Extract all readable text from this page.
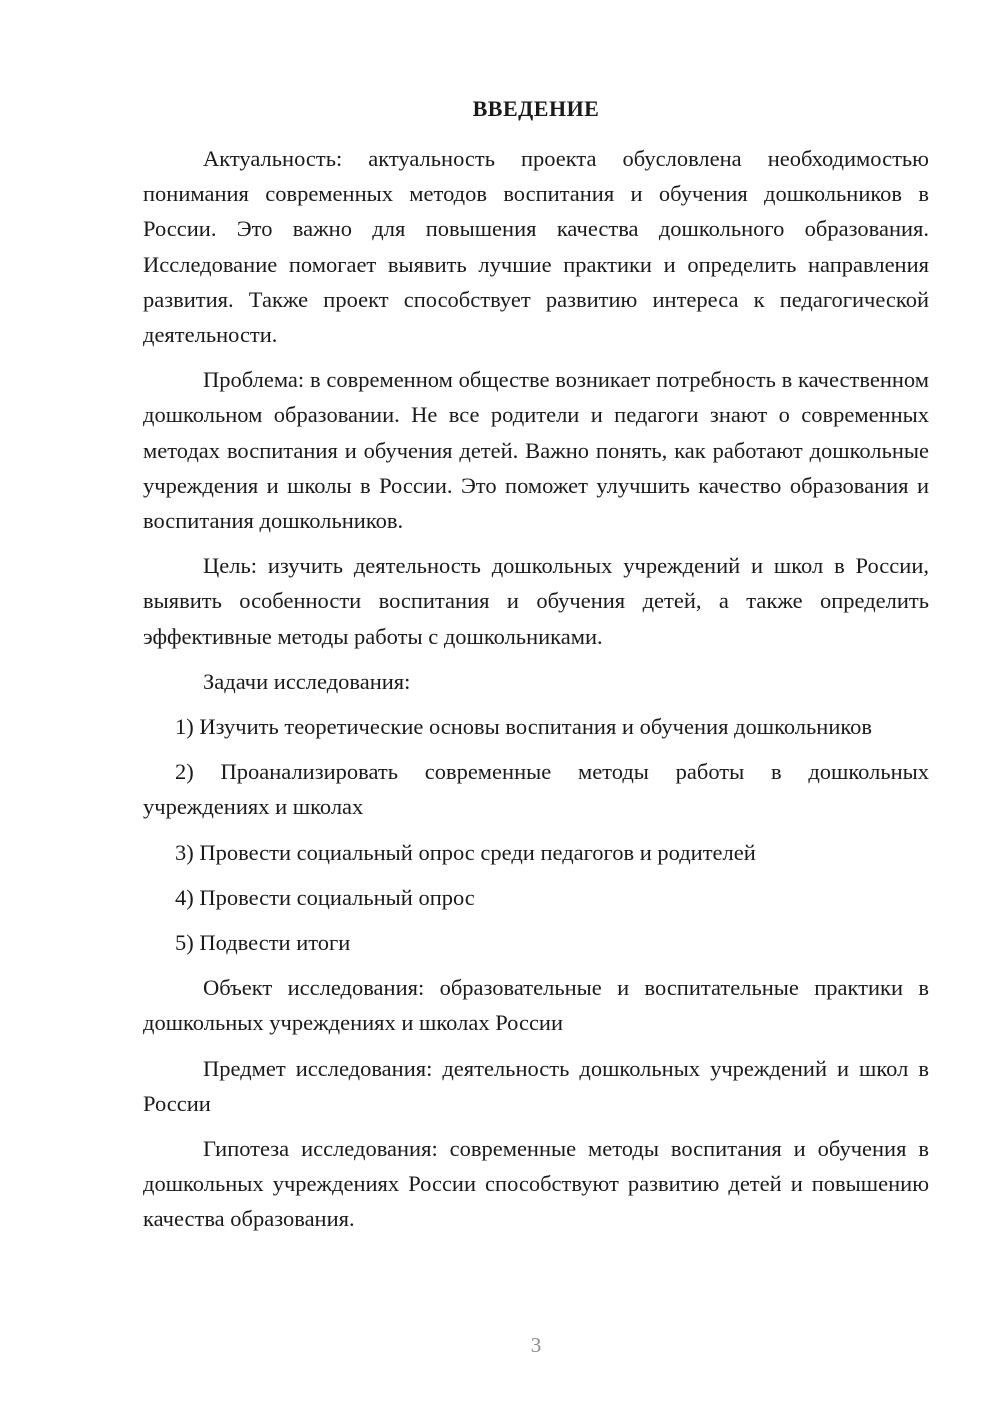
ВВЕДЕНИЕ

Актуальность: актуальность проекта обусловлена необходимостью понимания современных методов воспитания и обучения дошкольников в России. Это важно для повышения качества дошкольного образования. Исследование помогает выявить лучшие практики и определить направления развития. Также проект способствует развитию интереса к педагогической деятельности.

Проблема: в современном обществе возникает потребность в качественном дошкольном образовании. Не все родители и педагоги знают о современных методах воспитания и обучения детей. Важно понять, как работают дошкольные учреждения и школы в России. Это поможет улучшить качество образования и воспитания дошкольников.

Цель: изучить деятельность дошкольных учреждений и школ в России, выявить особенности воспитания и обучения детей, а также определить эффективные методы работы с дошкольниками.

Задачи исследования:

1) Изучить теоретические основы воспитания и обучения дошкольников

2) Проанализировать современные методы работы в дошкольных учреждениях и школах

3) Провести социальный опрос среди педагогов и родителей

4) Провести социальный опрос

5) Подвести итоги

Объект исследования: образовательные и воспитательные практики в дошкольных учреждениях и школах России

Предмет исследования: деятельность дошкольных учреждений и школ в России

Гипотеза исследования: современные методы воспитания и обучения в дошкольных учреждениях России способствуют развитию детей и повышению качества образования.

3
